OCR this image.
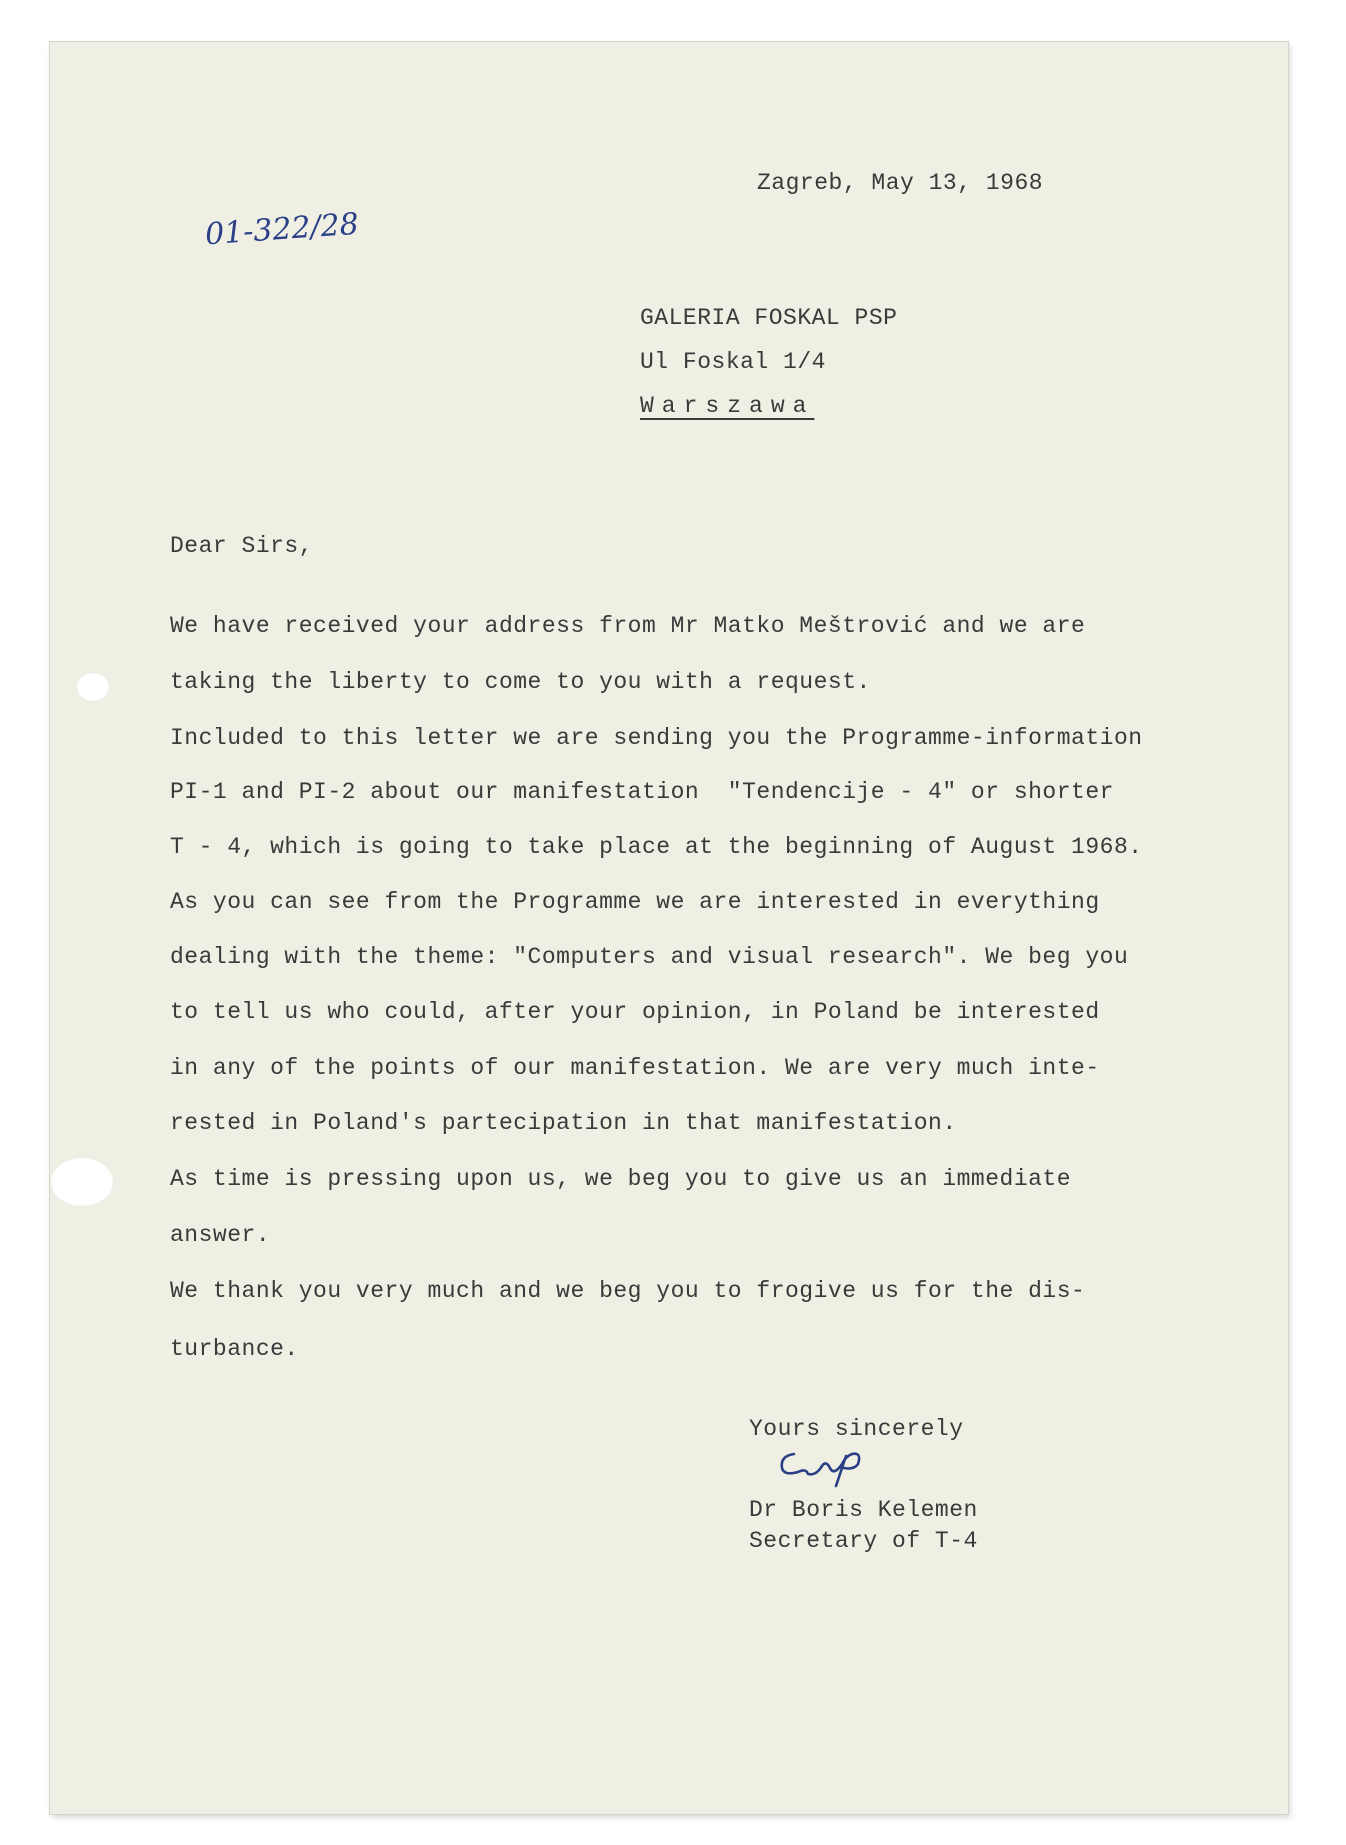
01-322/28
Zagreb, May 13, 1968
GALERIA FOSKAL PSP
Ul Foskal 1/4
Warszawa
Dear Sirs,
We have received your address from Mr Matko Meštrović and we are
taking the liberty to come to you with a request.
Included to this letter we are sending you the Programme-information
PI-1 and PI-2 about our manifestation  "Tendencije - 4" or shorter
T - 4, which is going to take place at the beginning of August 1968.
As you can see from the Programme we are interested in everything
dealing with the theme: "Computers and visual research". We beg you
to tell us who could, after your opinion, in Poland be interested
in any of the points of our manifestation. We are very much inte-
rested in Poland's partecipation in that manifestation.
As time is pressing upon us, we beg you to give us an immediate
answer.
We thank you very much and we beg you to frogive us for the dis-
turbance.
Yours sincerely
Dr Boris Kelemen
Secretary of T-4
